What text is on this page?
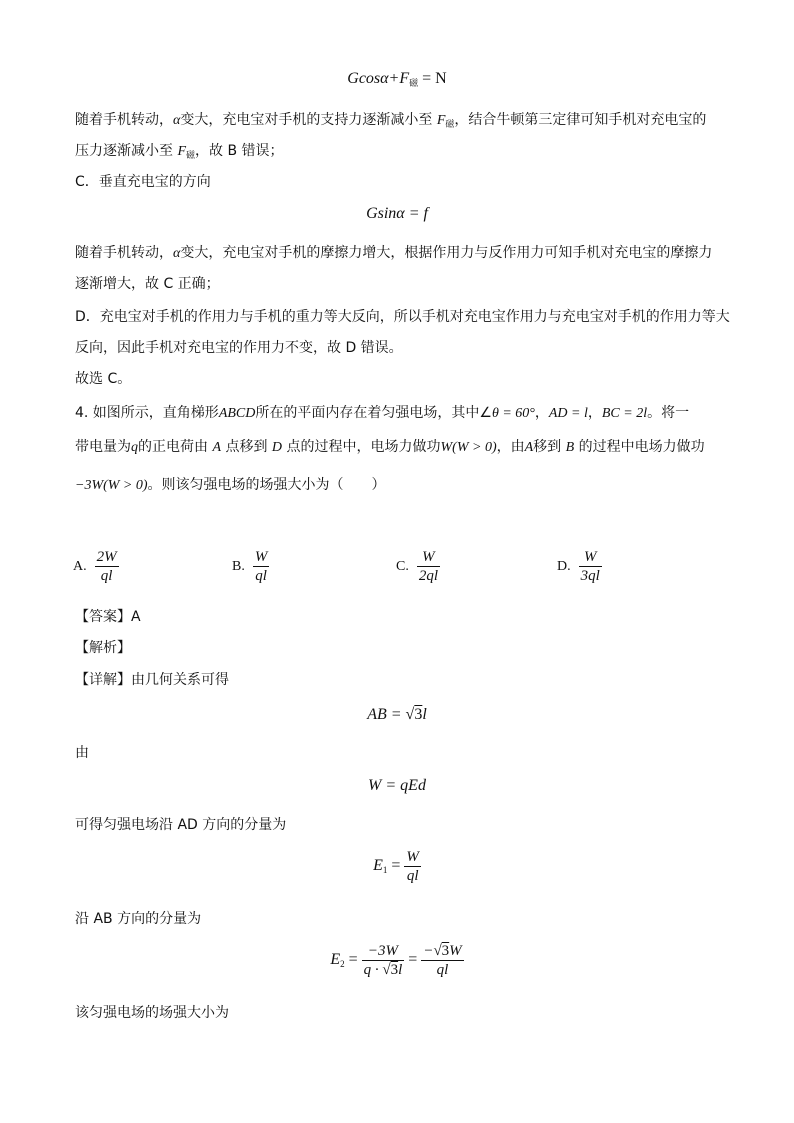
$Gcos\alpha+F_磁 = N$
随着手机转动，α变大，充电宝对手机的支持力逐渐减小至 $F_磁$，结合牛顿第三定律可知手机对充电宝的
压力逐渐减小至 $F_磁$，故 B 错误；
C．垂直充电宝的方向
Gsinα = f
随着手机转动，α变大，充电宝对手机的摩擦力增大，根据作用力与反作用力可知手机对充电宝的摩擦力
逐渐增大，故 C 正确；
D．充电宝对手机的作用力与手机的重力等大反向，所以手机对充电宝作用力与充电宝对手机的作用力等大
反向，因此手机对充电宝的作用力不变，故 D 错误。
故选 C。
4. 如图所示，直角梯形ABCD所在的平面内存在着匀强电场，其中∠θ = 60°，AD = l，BC = 2l。将一
带电量为q的正电荷由 A 点移到 D 点的过程中，电场力做功W(W > 0)，由A移到 B 的过程中电场力做功
−3W(W > 0)。则该匀强电场的场强大小为（　　）
A. $\frac{2W}{ql}$	B. $\frac{W}{ql}$	C. $\frac{W}{2ql}$	D. $\frac{W}{3ql}$
【答案】A
【解析】
【详解】由几何关系可得
AB = √3l
由
W = qEd
可得匀强电场沿 AD 方向的分量为
$E_1 = \frac{W}{ql}$
沿 AB 方向的分量为
$E_2 = \frac{-3W}{q \cdot √3l} = \frac{-√3W}{ql}$
该匀强电场的场强大小为
